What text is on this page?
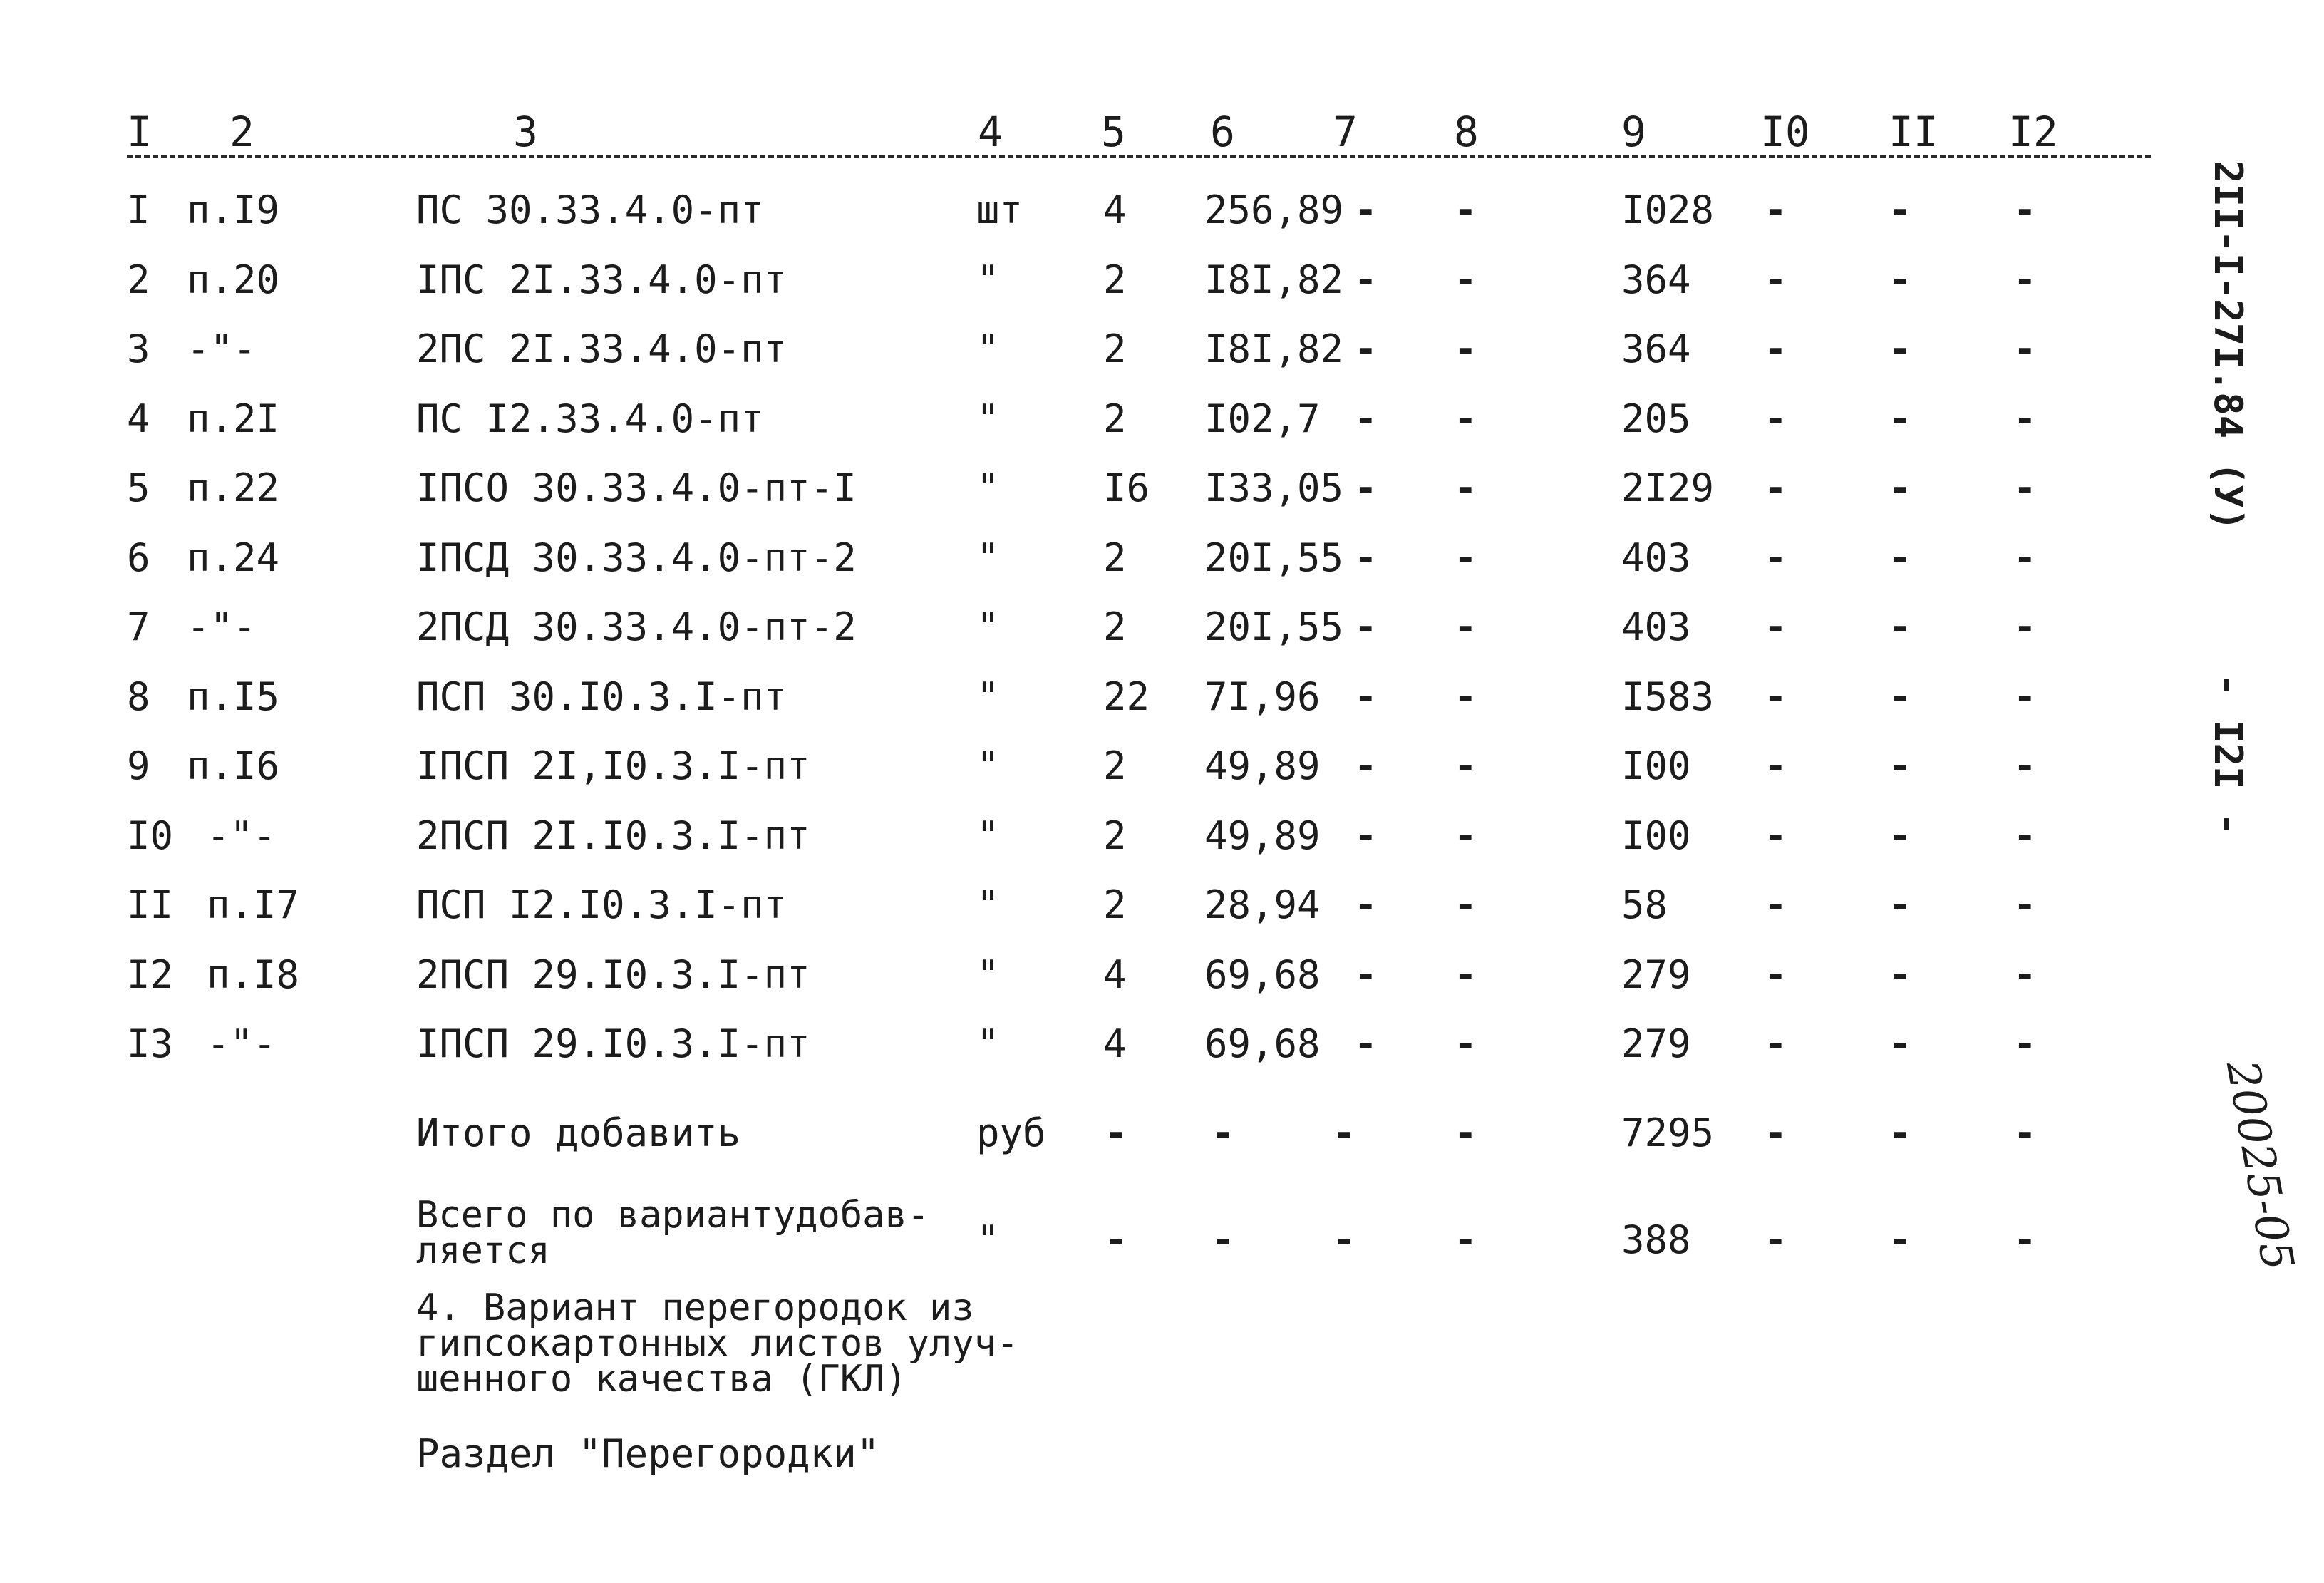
I 2	3	4 5 6 7 8	9	I0 II I2
I п.I9	ПС 30.33.4.0-пт	шт 4 256,89 - -	I028 -	-	-
2 п.20	IПС 2I.33.4.0-пт	"	2 I8I,82 - -	364 -	-	-
3 -"-	2ПС 2I.33.4.0-пт	"	2 I8I,82 - -	364 -	-	-
4 п.2I	ПС I2.33.4.0-пт	"	2 I02,7 - -	205 -	-	-
5 п.22	IПСО 30.33.4.0-пт-I	"	I6 I33,05 - -	2I29 -	-	-
6 п.24	IПСД 30.33.4.0-пт-2	"	2 20I,55 - -	403 -	-	-
7 -"-	2ПСД 30.33.4.0-пт-2	"	2 20I,55 - -	403 -	-	-
8 п.I5	ПСП 30.I0.3.I-пт	"	22 7I,96 - -	I583 -	-	-
9 п.I6	IПСП 2I,I0.3.I-пт	"	2 49,89 - -	I00 -	-	-
I0 -"-	2ПСП 2I.I0.3.I-пт	"	2 49,89 - -	I00 -	-	-
II п.I7	ПСП I2.I0.3.I-пт	"	2 28,94 - -	58 -	-	-
I2 п.I8	2ПСП 29.I0.3.I-пт	"	4 69,68 - -	279 -	-	-
I3 -"-	IПСП 29.I0.3.I-пт	"	4 69,68 - -	279 -	-	-
Итого добавить	руб - -	-	-	7295 -	-	-
Всего по вариантудобав-
ляется	"	- -	-	-	388 -	-	-
4. Вариант перегородок из
гипсокартонных листов улуч-
шенного качества (ГКЛ)
Раздел "Перегородки"
2II-I-27I.84 (У)
- I2I -
20025-05
